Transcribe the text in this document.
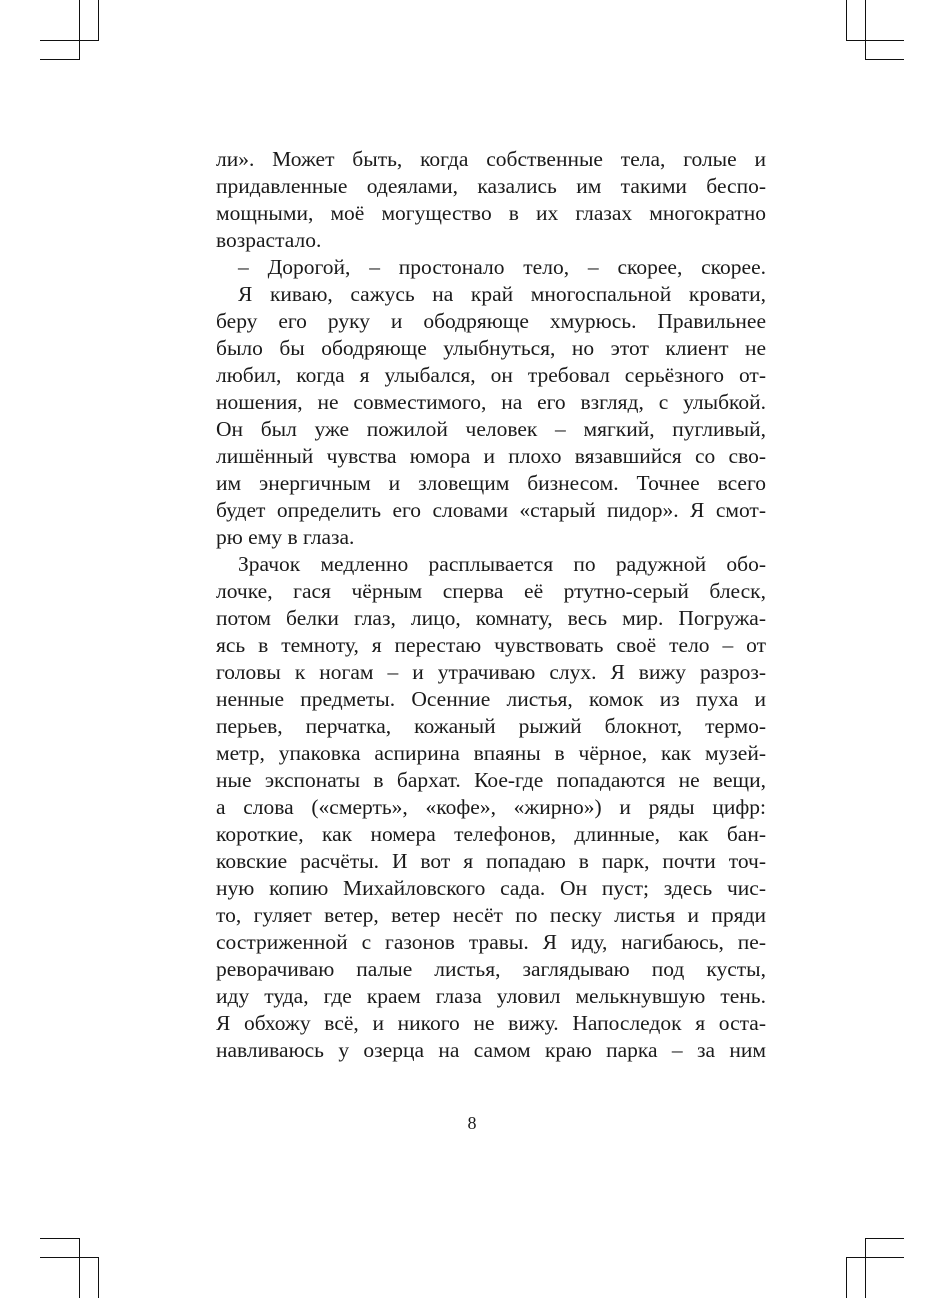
ли». Может быть, когда собственные тела, голые и
придавленные одеялами, казались им такими беспо-
мощными, моё могущество в их глазах многократно
возрастало.
– Дорогой, – простонало тело, – скорее, скорее.
Я киваю, сажусь на край многоспальной кровати,
беру его руку и ободряюще хмурюсь. Правильнее
было бы ободряюще улыбнуться, но этот клиент не
любил, когда я улыбался, он требовал серьёзного от-
ношения, не совместимого, на его взгляд, с улыбкой.
Он был уже пожилой человек – мягкий, пугливый,
лишённый чувства юмора и плохо вязавшийся со сво-
им энергичным и зловещим бизнесом. Точнее всего
будет определить его словами «старый пидор». Я смот-
рю ему в глаза.
Зрачок медленно расплывается по радужной обо-
лочке, гася чёрным сперва её ртутно-серый блеск,
потом белки глаз, лицо, комнату, весь мир. Погружа-
ясь в темноту, я перестаю чувствовать своё тело – от
головы к ногам – и утрачиваю слух. Я вижу разроз-
ненные предметы. Осенние листья, комок из пуха и
перьев, перчатка, кожаный рыжий блокнот, термо-
метр, упаковка аспирина впаяны в чёрное, как музей-
ные экспонаты в бархат. Кое-где попадаются не вещи,
а слова («смерть», «кофе», «жирно») и ряды цифр:
короткие, как номера телефонов, длинные, как бан-
ковские расчёты. И вот я попадаю в парк, почти точ-
ную копию Михайловского сада. Он пуст; здесь чис-
то, гуляет ветер, ветер несёт по песку листья и пряди
состриженной с газонов травы. Я иду, нагибаюсь, пе-
реворачиваю палые листья, заглядываю под кусты,
иду туда, где краем глаза уловил мелькнувшую тень.
Я обхожу всё, и никого не вижу. Напоследок я оста-
навливаюсь у озерца на самом краю парка – за ним
8
